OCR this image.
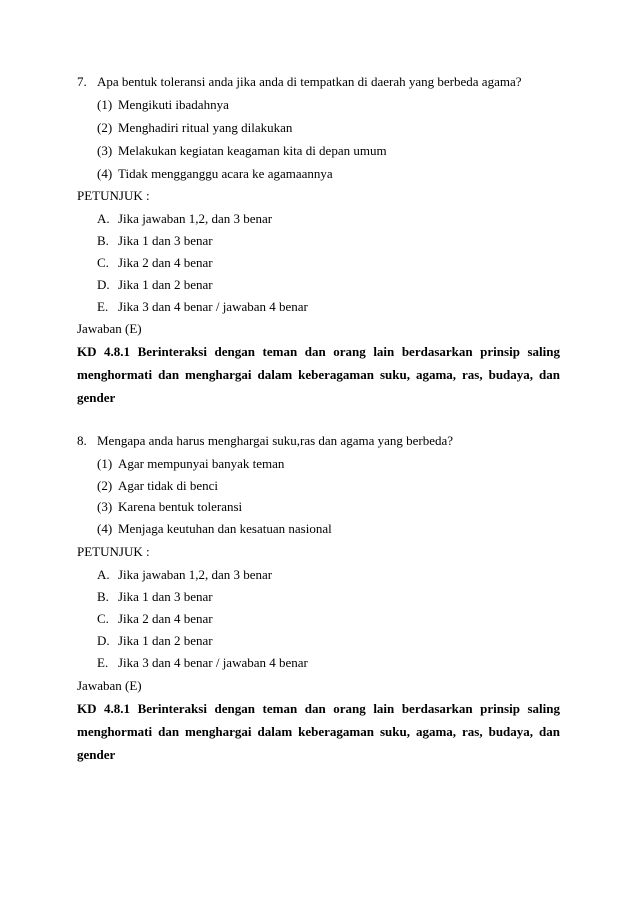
7. Apa bentuk toleransi anda jika anda di tempatkan di daerah yang berbeda agama?
(1) Mengikuti ibadahnya
(2) Menghadiri ritual yang dilakukan
(3) Melakukan kegiatan keagaman kita di depan umum
(4) Tidak mengganggu acara ke agamaannya
PETUNJUK :
A. Jika jawaban 1,2, dan 3 benar
B. Jika 1 dan 3 benar
C. Jika 2 dan 4 benar
D. Jika 1 dan 2 benar
E. Jika 3 dan 4 benar / jawaban 4 benar
Jawaban (E)
KD 4.8.1 Berinteraksi dengan teman dan orang lain berdasarkan prinsip saling
menghormati dan menghargai dalam keberagaman suku, agama, ras, budaya, dan
gender
8. Mengapa anda harus menghargai suku,ras dan agama yang berbeda?
(1) Agar mempunyai banyak teman
(2) Agar tidak di benci
(3) Karena bentuk toleransi
(4) Menjaga keutuhan dan kesatuan nasional
PETUNJUK :
A. Jika jawaban 1,2, dan 3 benar
B. Jika 1 dan 3 benar
C. Jika 2 dan 4 benar
D. Jika 1 dan 2 benar
E. Jika 3 dan 4 benar / jawaban 4 benar
Jawaban (E)
KD 4.8.1 Berinteraksi dengan teman dan orang lain berdasarkan prinsip saling
menghormati dan menghargai dalam keberagaman suku, agama, ras, budaya, dan
gender
